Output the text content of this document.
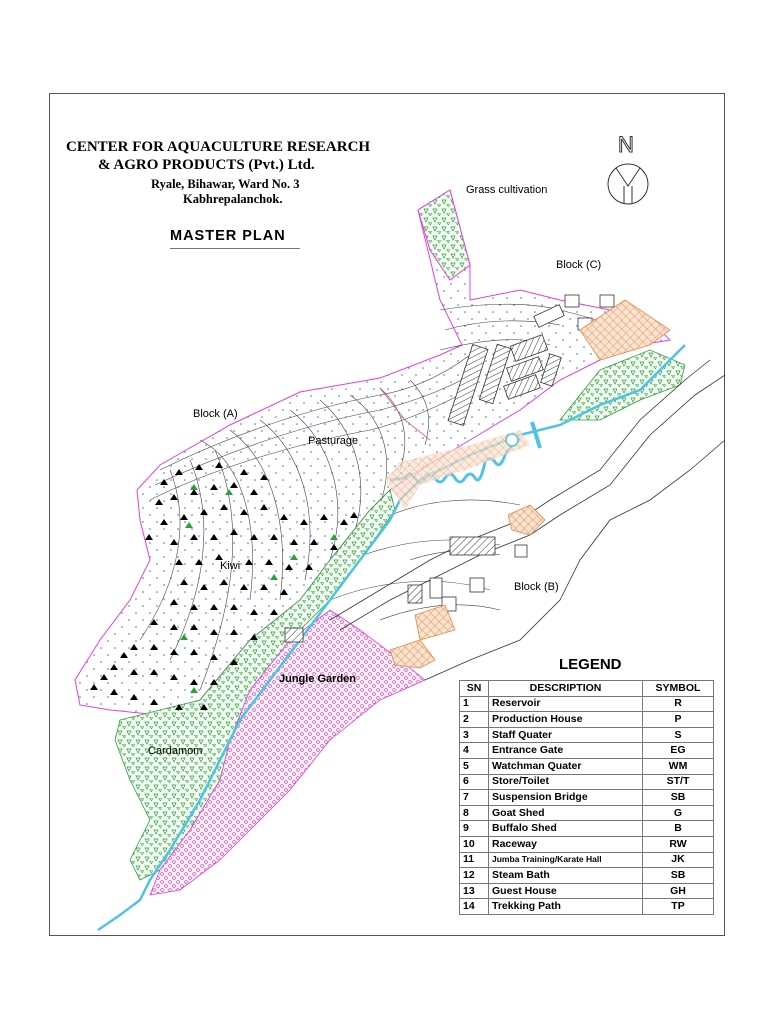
N
CENTER FOR AQUACULTURE RESEARCH
& AGRO PRODUCTS (Pvt.) Ltd.
Ryale, Bihawar, Ward No. 3
Kabhrepalanchok.
MASTER PLAN
Grass cultivation
Block (C)
Block (A)
Pasturage
Kiwi
Block (B)
Jungle Garden
Cardamom
LEGEND
SN	DESCRIPTION	SYMBOL
1	Reservoir	R
2	Production House	P
3	Staff Quater	S
4	Entrance Gate	EG
5	Watchman Quater	WM
6	Store/Toilet	ST/T
7	Suspension Bridge	SB
8	Goat Shed	G
9	Buffalo Shed	B
10	Raceway	RW
11	Jumba Training/Karate Hall	JK
12	Steam Bath	SB
13	Guest House	GH
14	Trekking Path	TP
